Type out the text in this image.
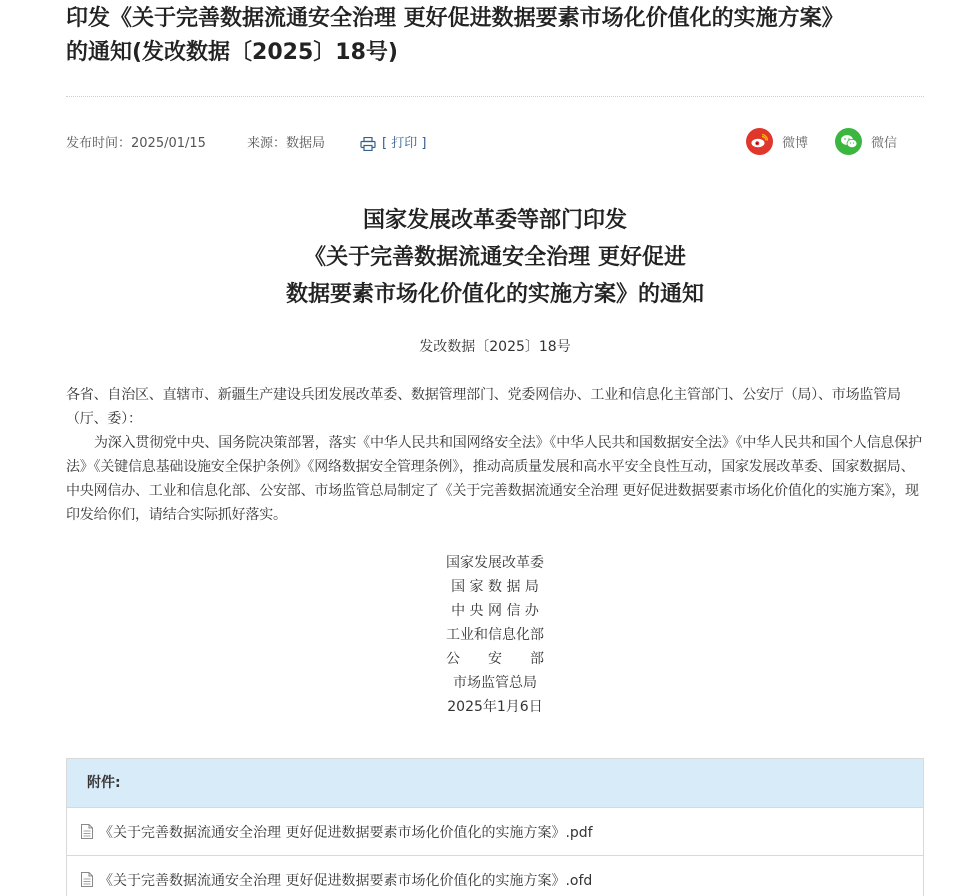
印发《关于完善数据流通安全治理 更好促进数据要素市场化价值化的实施方案》
的通知(发改数据〔2025〕18号)
发布时间：2025/01/15	来源：数据局	[ 打印 ]	微博	微信
国家发展改革委等部门印发
《关于完善数据流通安全治理 更好促进
数据要素市场化价值化的实施方案》的通知
发改数据〔2025〕18号
各省、自治区、直辖市、新疆生产建设兵团发展改革委、数据管理部门、党委网信办、工业和信息化主管部门、公安厅（局）、市场监管局（厅、委）：
为深入贯彻党中央、国务院决策部署，落实《中华人民共和国网络安全法》《中华人民共和国数据安全法》《中华人民共和国个人信息保护法》《关键信息基础设施安全保护条例》《网络数据安全管理条例》，推动高质量发展和高水平安全良性互动，国家发展改革委、国家数据局、中央网信办、工业和信息化部、公安部、市场监管总局制定了《关于完善数据流通安全治理 更好促进数据要素市场化价值化的实施方案》，现印发给你们，请结合实际抓好落实。
国家发展改革委
国 家 数 据 局
中 央 网 信 办
工业和信息化部
公　　安　　部
市场监管总局
2025年1月6日
附件:
《关于完善数据流通安全治理 更好促进数据要素市场化价值化的实施方案》.pdf
《关于完善数据流通安全治理 更好促进数据要素市场化价值化的实施方案》.ofd
